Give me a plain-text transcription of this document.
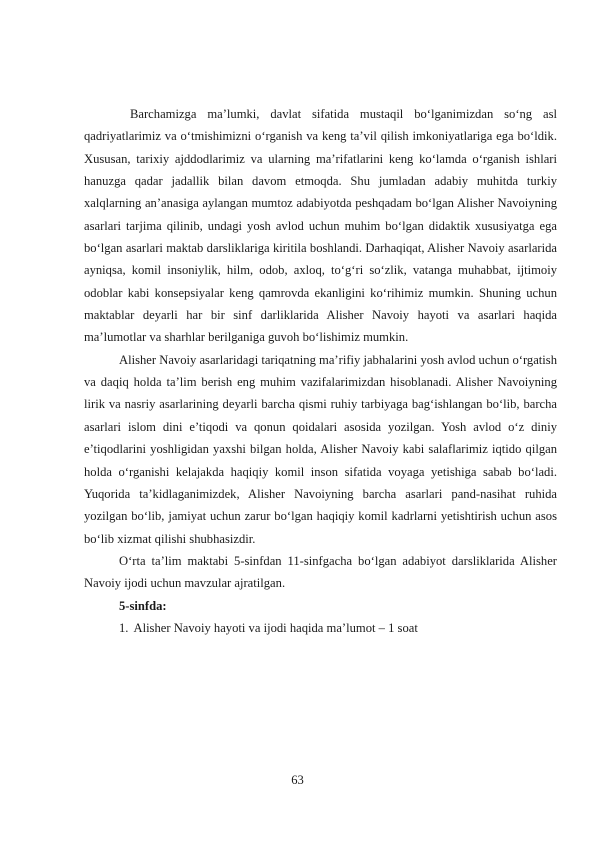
Barchamizga ma’lumki, davlat sifatida mustaqil bo‘lganimizdan so‘ng asl qadriyatlarimiz va o‘tmishimizni o‘rganish va keng ta’vil qilish imkoniyatlariga ega bo‘ldik. Xususan, tarixiy ajddodlarimiz va ularning ma’rifatlarini keng ko‘lamda o‘rganish ishlari hanuzga qadar jadallik bilan davom etmoqda. Shu jumladan adabiy muhitda turkiy xalqlarning an’anasiga aylangan mumtoz adabiyotda peshqadam bo‘lgan Alisher Navoiyning asarlari tarjima qilinib, undagi yosh avlod uchun muhim bo‘lgan didaktik xususiyatga ega bo‘lgan asarlari maktab darsliklariga kiritila boshlandi. Darhaqiqat, Alisher Navoiy asarlarida ayniqsa, komil insoniylik, hilm, odob, axloq, to‘g‘ri so‘zlik, vatanga muhabbat, ijtimoiy odoblar kabi konsepsiyalar keng qamrovda ekanligini ko‘rihimiz mumkin. Shuning uchun maktablar deyarli har bir sinf darliklarida Alisher Navoiy hayoti va asarlari haqida ma’lumotlar va sharhlar berilganiga guvoh bo‘lishimiz mumkin.

Alisher Navoiy asarlaridagi tariqatning ma’rifiy jabhalarini yosh avlod uchun o‘rgatish va daqiq holda ta’lim berish eng muhim vazifalarimizdan hisoblanadi. Alisher Navoiyning lirik va nasriy asarlarining deyarli barcha qismi ruhiy tarbiyaga bag‘ishlangan bo‘lib, barcha asarlari islom dini e’tiqodi va qonun qoidalari asosida yozilgan. Yosh avlod o‘z diniy e’tiqodlarini yoshligidan yaxshi bilgan holda, Alisher Navoiy kabi salaflarimiz iqtido qilgan holda o‘rganishi kelajakda haqiqiy komil inson sifatida voyaga yetishiga sabab bo‘ladi. Yuqorida ta’kidlaganimizdek, Alisher Navoiyning barcha asarlari pand-nasihat ruhida yozilgan bo‘lib, jamiyat uchun zarur bo‘lgan haqiqiy komil kadrlarni yetishtirish uchun asos bo‘lib xizmat qilishi shubhasizdir.

O‘rta ta’lim maktabi 5-sinfdan 11-sinfgacha bo‘lgan adabiyot darsliklarida Alisher Navoiy ijodi uchun mavzular ajratilgan.

5-sinfda:

1. Alisher Navoiy hayoti va ijodi haqida ma’lumot – 1 soat

63
